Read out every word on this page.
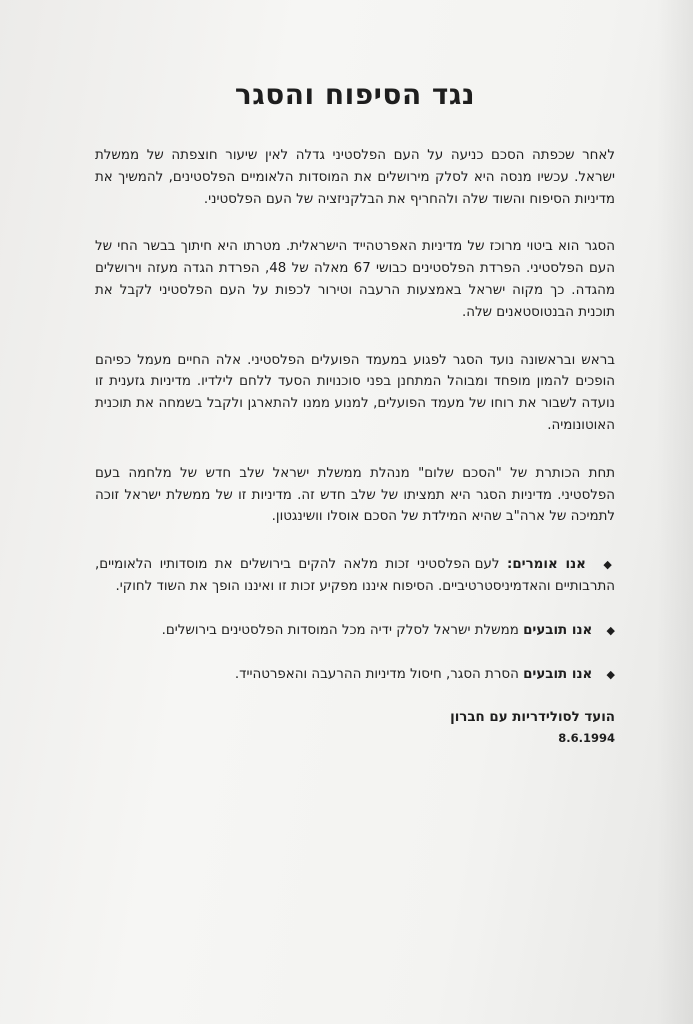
נגד הסיפוח והסגר

לאחר שכפתה הסכם כניעה על העם הפלסטיני גדלה לאין שיעור חוצפתה של ממשלת ישראל. עכשיו מנסה היא לסלק מירושלים את המוסדות הלאומיים הפלסטינים, להמשיך את מדיניות הסיפוח והשוד שלה ולהחריף את הבלקניזציה של העם הפלסטיני.

הסגר הוא ביטוי מרוכז של מדיניות האפרטהייד הישראלית. מטרתו היא חיתוך בבשר החי של העם הפלסטיני. הפרדת הפלסטינים כבושי 67 מאלה של 48, הפרדת הגדה מעזה וירושלים מהגדה. כך מקוה ישראל באמצעות הרעבה וטירור לכפות על העם הפלסטיני לקבל את תוכנית הבנטוסטאנים שלה.

בראש ובראשונה נועד הסגר לפגוע במעמד הפועלים הפלסטיני. אלה החיים מעמל כפיהם הופכים להמון מופחד ומבוהל המתחנן בפני סוכנויות הסעד ללחם לילדיו. מדיניות גזענית זו נועדה לשבור את רוחו של מעמד הפועלים, למנוע ממנו להתארגן ולקבל בשמחה את תוכנית האוטונומיה.

תחת הכותרת של "הסכם שלום" מנהלת ממשלת ישראל שלב חדש של מלחמה בעם הפלסטיני. מדיניות הסגר היא תמציתו של שלב חדש זה. מדיניות זו של ממשלת ישראל זוכה לתמיכה של ארה"ב שהיא המילדת של הסכם אוסלו וושינגטון.

◆ אנו אומרים: לעם הפלסטיני זכות מלאה להקים בירושלים את מוסדותיו הלאומיים, התרבותיים והאדמיניסטרטיביים. הסיפוח איננו מפקיע זכות זו ואיננו הופך את השוד לחוקי.

◆ אנו תובעים ממשלת ישראל לסלק ידיה מכל המוסדות הפלסטינים בירושלים.

◆ אנו תובעים הסרת הסגר, חיסול מדיניות ההרעבה והאפרטהייד.

הועד לסולידריות עם חברון
8.6.1994
